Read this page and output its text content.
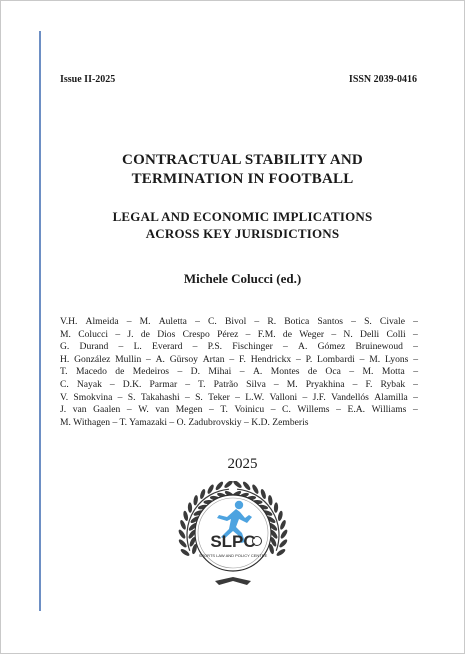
Issue II-2025	ISSN 2039-0416
CONTRACTUAL STABILITY AND
TERMINATION IN FOOTBALL
LEGAL AND ECONOMIC IMPLICATIONS
ACROSS KEY JURISDICTIONS
Michele Colucci (ed.)
V.H. Almeida – M. Auletta – C. Bivol – R. Botica Santos – S. Civale –
M. Colucci – J. de Dios Crespo Pérez – F.M. de Weger – N. Delli Colli –
G. Durand – L. Everard – P.S. Fischinger – A. Gómez Bruinewoud –
H. González Mullin – A. Gürsoy Artan – F. Hendrickx – P. Lombardi – M. Lyons –
T. Macedo de Medeiros – D. Mihai – A. Montes de Oca – M. Motta –
C. Nayak – D.K. Parmar – T. Patrão Silva – M. Pryakhina – F. Rybak –
V. Smokvina – S. Takahashi – S. Teker – L.W. Valloni – J.F. Vandellós Alamilla –
J. van Gaalen – W. van Megen – T. Voinicu – C. Willems – E.A. Williams –
M. Withagen – T. Yamazaki – O. Zadubrovskiy – K.D. Zemberis
2025
SLPC
SPORTS LAW AND POLICY CENTRE
